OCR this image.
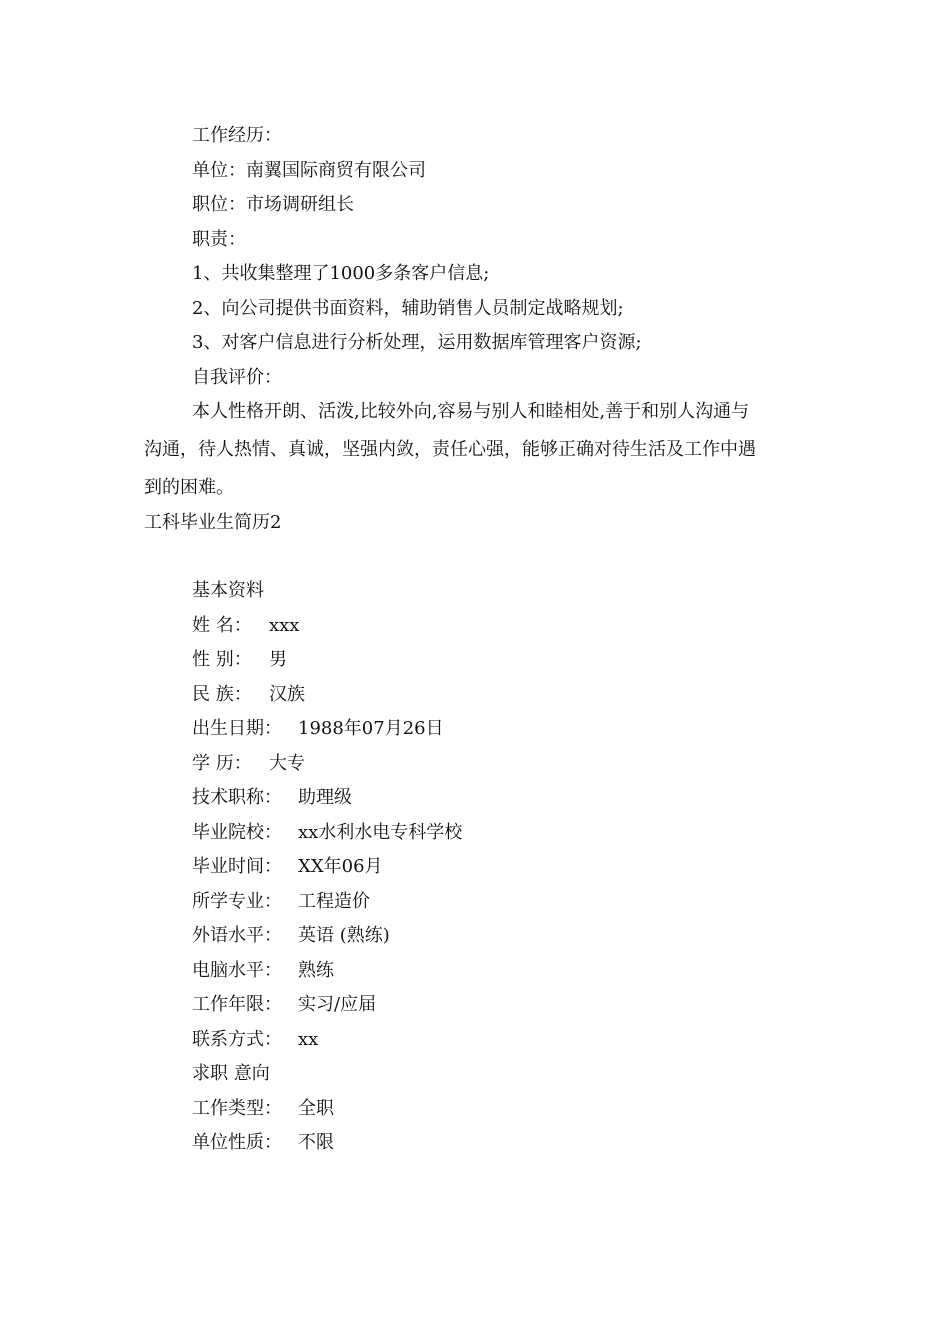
工作经历：
单位：南翼国际商贸有限公司
职位：市场调研组长
职责：
1、共收集整理了1000多条客户信息;
2、向公司提供书面资料，辅助销售人员制定战略规划;
3、对客户信息进行分析处理，运用数据库管理客户资源;
自我评价：
本人性格开朗、活泼,比较外向,容易与别人和睦相处,善于和别人沟通与
沟通，待人热情、真诚，坚强内敛，责任心强，能够正确对待生活及工作中遇
到的困难。
工科毕业生简历2
基本资料
姓 名： xxx
性 别： 男
民 族： 汉族
出生日期： 1988年07月26日
学 历： 大专
技术职称： 助理级
毕业院校： xx水利水电专科学校
毕业时间： XX年06月
所学专业： 工程造价
外语水平： 英语 (熟练)
电脑水平： 熟练
工作年限： 实习/应届
联系方式： xx
求职 意向
工作类型： 全职
单位性质： 不限
